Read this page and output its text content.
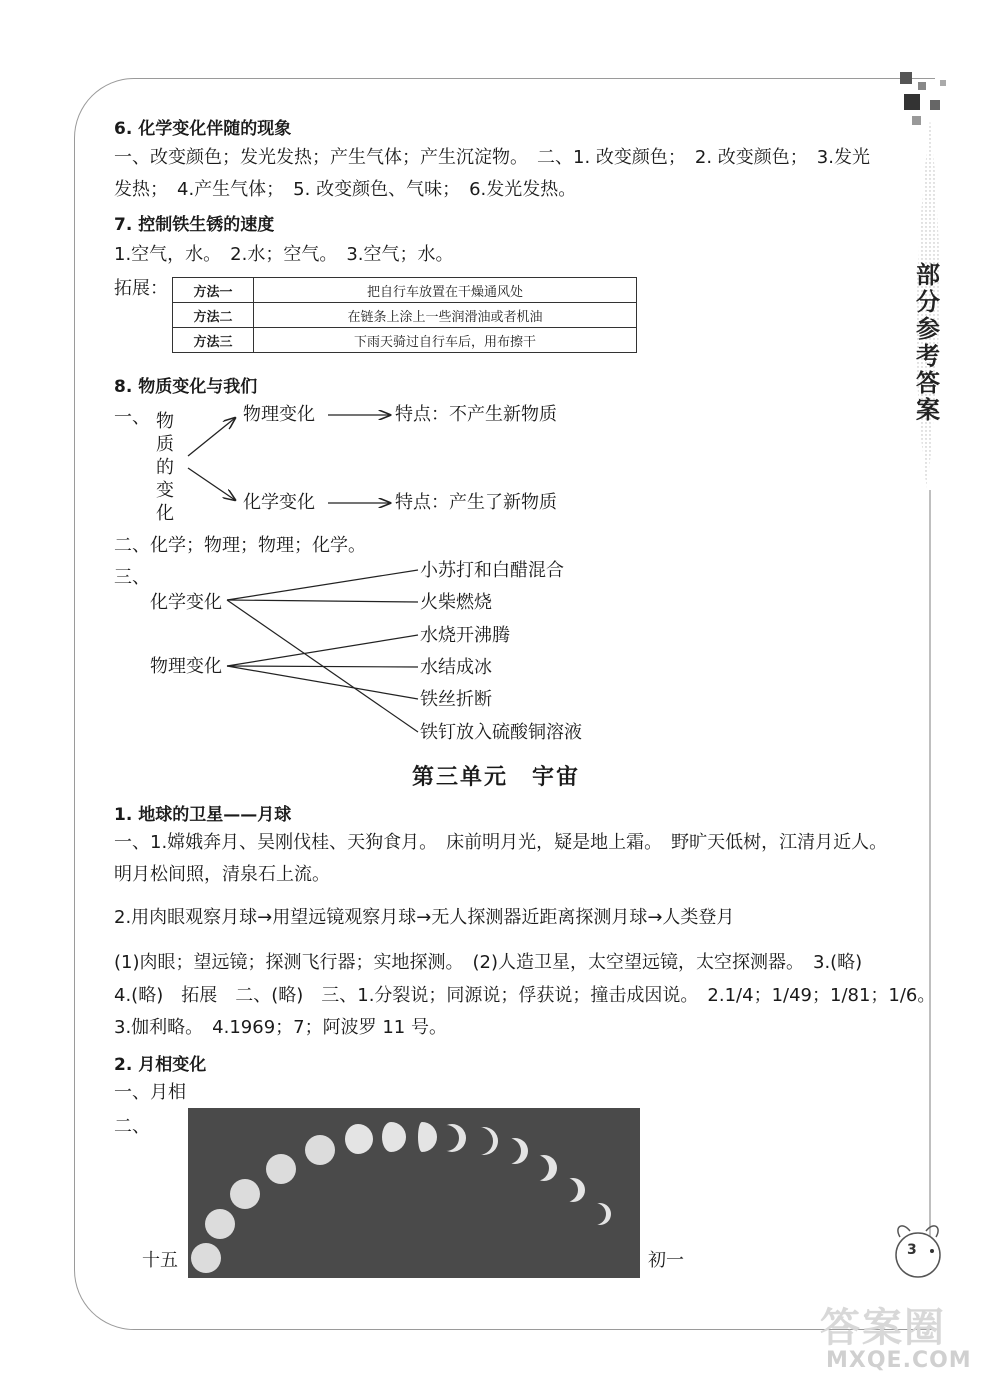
部分参考答案
6. 化学变化伴随的现象
一、改变颜色；发光发热；产生气体；产生沉淀物。　二、1. 改变颜色；　2. 改变颜色；　3.发光
发热；　4.产生气体；　5. 改变颜色、气味；　6.发光发热。
7. 控制铁生锈的速度
1.空气，水。　2.水；空气。　3.空气；水。
拓展： 方法一	把自行车放置在干燥通风处
方法二	在链条上涂上一些润滑油或者机油
方法三	下雨天骑过自行车后，用布擦干
8. 物质变化与我们
一、 物
质
的
变
化
物理变化	特点：不产生新物质
化学变化	特点：产生了新物质
二、化学；物理；物理；化学。
三、
化学变化
物理变化
小苏打和白醋混合
火柴燃烧
水烧开沸腾
水结成冰
铁丝折断
铁钉放入硫酸铜溶液
第三单元　宇宙
1. 地球的卫星——月球
一、1.嫦娥奔月、吴刚伐桂、天狗食月。　床前明月光，疑是地上霜。　野旷天低树，江清月近人。
明月松间照，清泉石上流。
2.用肉眼观察月球→用望远镜观察月球→无人探测器近距离探测月球→人类登月
(1)肉眼；望远镜；探测飞行器；实地探测。　(2)人造卫星，太空望远镜，太空探测器。　3.(略)
4.(略)　拓展　二、(略)　三、1.分裂说；同源说；俘获说；撞击成因说。　2.1/4；1/49；1/81；1/6。
3.伽利略。　4.1969；7；阿波罗 11 号。
2. 月相变化
一、月相
二、
十五	初一	3
答案圈
MXQE.COM
